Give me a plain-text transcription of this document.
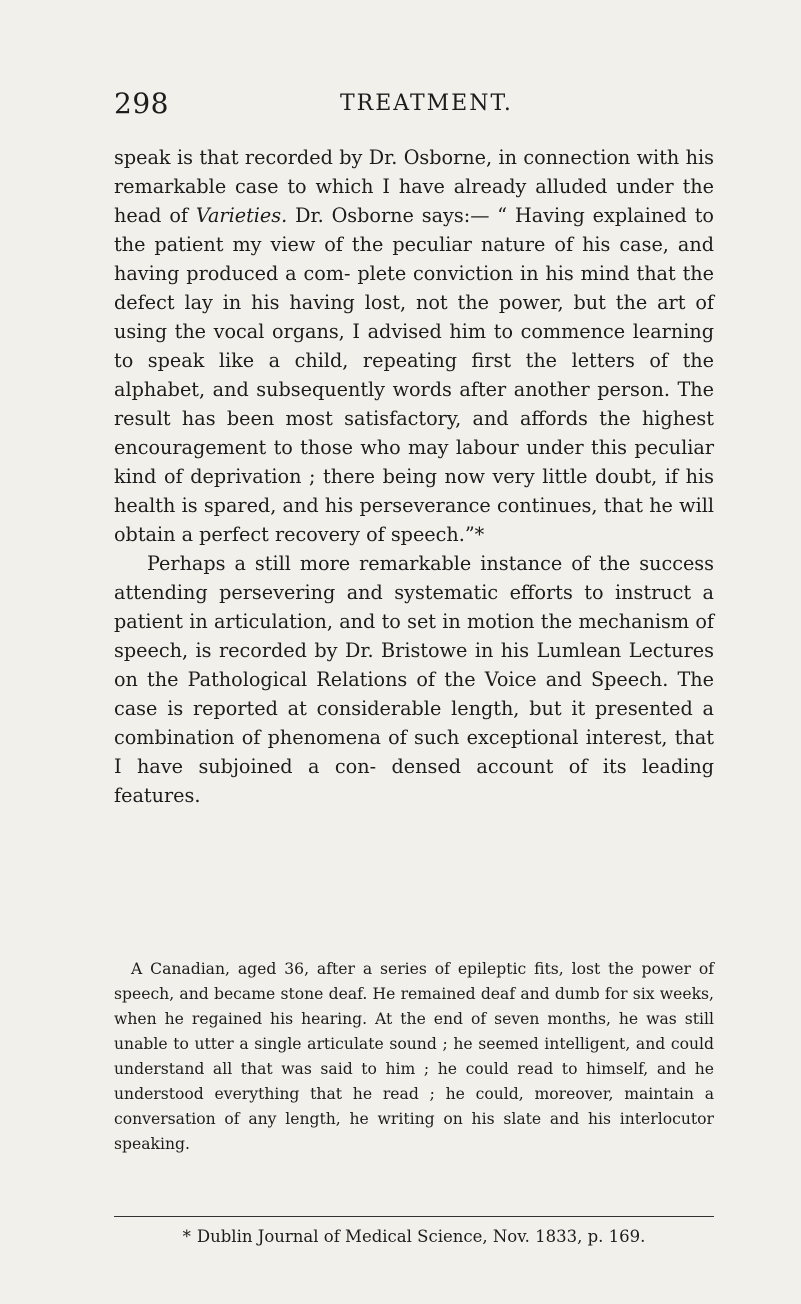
298	TREATMENT.

speak is that recorded by Dr. Osborne, in connection with his remarkable case to which I have already alluded under the head of Varieties. Dr. Osborne says:— “ Having explained to the patient my view of the peculiar nature of his case, and having produced a com- plete conviction in his mind that the defect lay in his having lost, not the power, but the art of using the vocal organs, I advised him to commence learning to speak like a child, repeating first the letters of the alphabet, and subsequently words after another person. The result has been most satisfactory, and affords the highest encouragement to those who may labour under this peculiar kind of deprivation ; there being now very little doubt, if his health is spared, and his perseverance continues, that he will obtain a perfect recovery of speech.”*

Perhaps a still more remarkable instance of the success attending persevering and systematic efforts to instruct a patient in articulation, and to set in motion the mechanism of speech, is recorded by Dr. Bristowe in his Lumlean Lectures on the Pathological Relations of the Voice and Speech. The case is reported at considerable length, but it presented a combination of phenomena of such exceptional interest, that I have subjoined a con- densed account of its leading features.

A Canadian, aged 36, after a series of epileptic fits, lost the power of speech, and became stone deaf. He remained deaf and dumb for six weeks, when he regained his hearing. At the end of seven months, he was still unable to utter a single articulate sound ; he seemed intelligent, and could understand all that was said to him ; he could read to himself, and he understood everything that he read ; he could, moreover, maintain a conversation of any length, he writing on his slate and his interlocutor speaking.

* Dublin Journal of Medical Science, Nov. 1833, p. 169.
